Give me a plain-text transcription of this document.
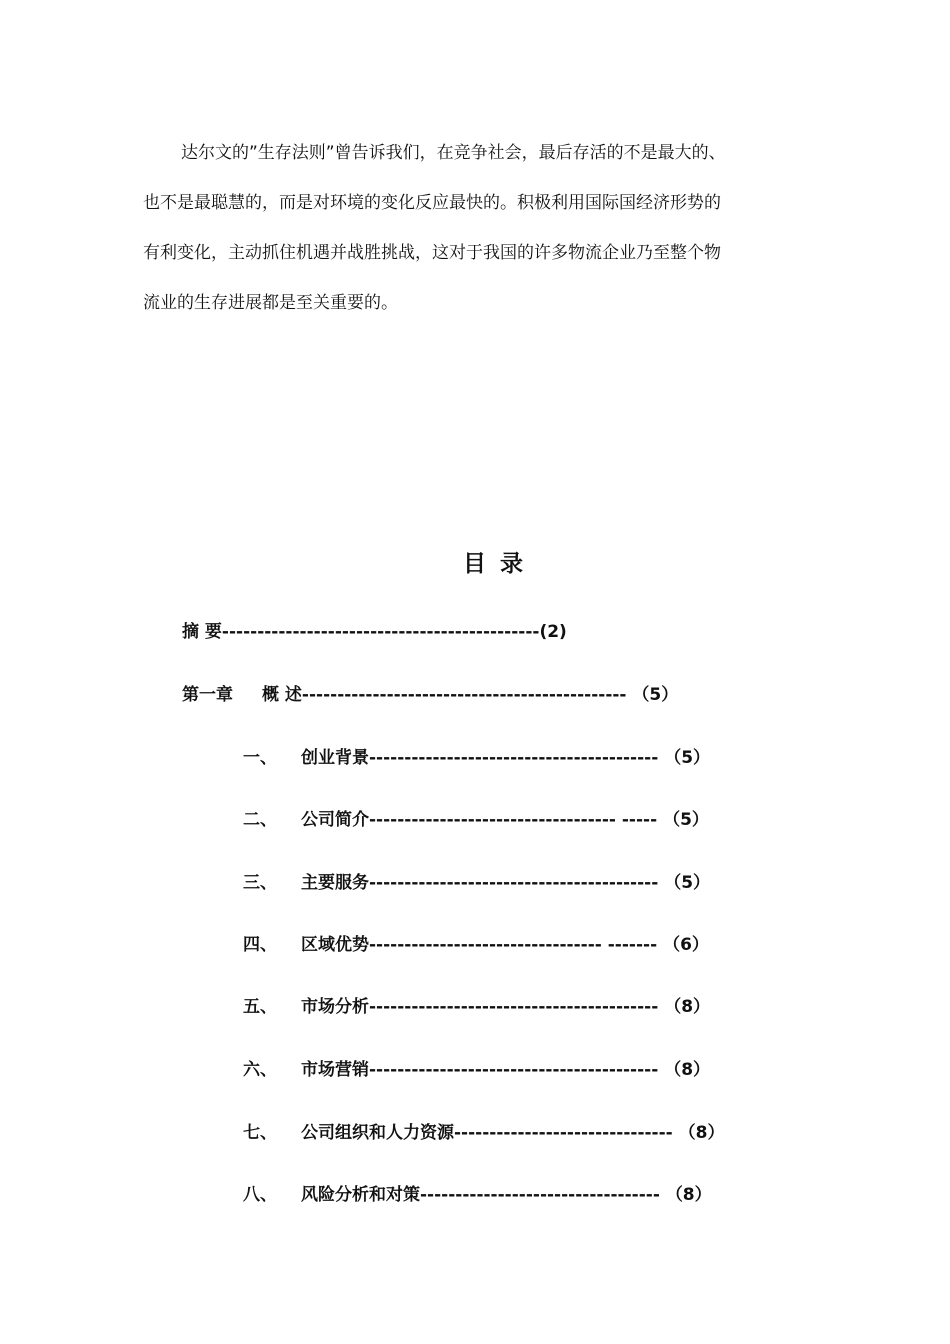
达尔文的”生存法则”曾告诉我们，在竞争社会，最后存活的不是最大的、
也不是最聪慧的，而是对环境的变化反应最快的。积极利用国际国经济形势的
有利变化，主动抓住机遇并战胜挑战，这对于我国的许多物流企业乃至整个物
流业的生存进展都是至关重要的。
目录
摘 要---------------------------------------------(2)
第一章 概 述---------------------------------------------- （5）
一、 创业背景----------------------------------------- （5）
二、 公司简介----------------------------------- ----- （5）
三、 主要服务----------------------------------------- （5）
四、 区域优势--------------------------------- ------- （6）
五、 市场分析----------------------------------------- （8）
六、 市场营销----------------------------------------- （8）
七、 公司组织和人力资源------------------------------- （8）
八、 风险分析和对策---------------------------------- （8）
